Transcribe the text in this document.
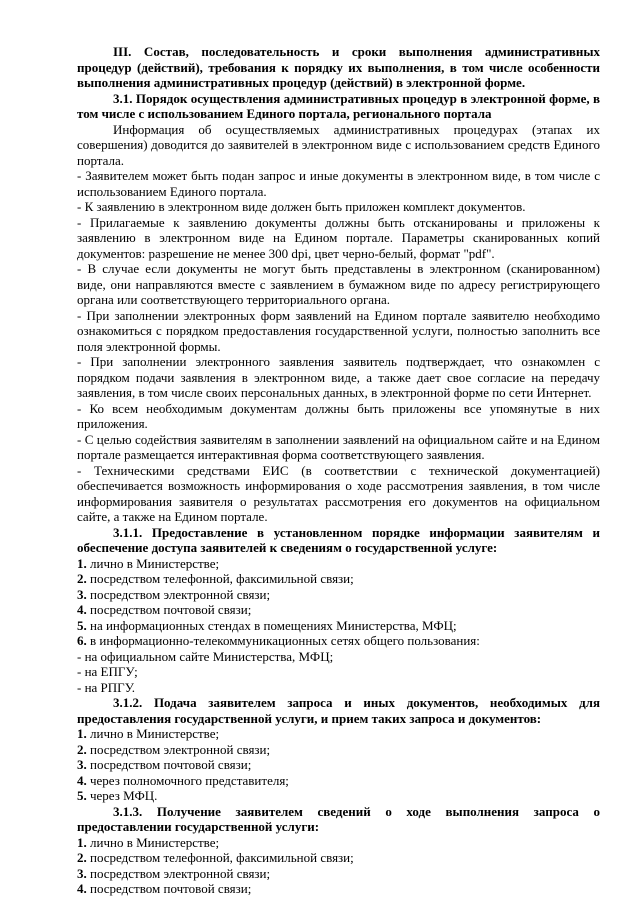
III. Состав, последовательность и сроки выполнения административных процедур (действий), требования к порядку их выполнения, в том числе особенности выполнения административных процедур (действий) в электронной форме.

3.1. Порядок осуществления административных процедур в электронной форме, в том числе с использованием Единого портала, регионального портала

Информация об осуществляемых административных процедурах (этапах их совершения) доводится до заявителей в электронном виде с использованием средств Единого портала.

- Заявителем может быть подан запрос и иные документы в электронном виде, в том числе с использованием Единого портала.

- К заявлению в электронном виде должен быть приложен комплект документов.

- Прилагаемые к заявлению документы должны быть отсканированы и приложены к заявлению в электронном виде на Едином портале. Параметры сканированных копий документов: разрешение не менее 300 dpi, цвет черно-белый, формат "pdf".

- В случае если документы не могут быть представлены в электронном (сканированном) виде, они направляются вместе с заявлением в бумажном виде по адресу регистрирующего органа или соответствующего территориального органа.

- При заполнении электронных форм заявлений на Едином портале заявителю необходимо ознакомиться с порядком предоставления государственной услуги, полностью заполнить все поля электронной формы.

- При заполнении электронного заявления заявитель подтверждает, что ознакомлен с порядком подачи заявления в электронном виде, а также дает свое согласие на передачу заявления, в том числе своих персональных данных, в электронной форме по сети Интернет.

- Ко всем необходимым документам должны быть приложены все упомянутые в них приложения.

- С целью содействия заявителям в заполнении заявлений на официальном сайте и на Едином портале размещается интерактивная форма соответствующего заявления.

- Техническими средствами ЕИС (в соответствии с технической документацией) обеспечивается возможность информирования о ходе рассмотрения заявления, в том числе информирования заявителя о результатах рассмотрения его документов на официальном сайте, а также на Едином портале.

3.1.1. Предоставление в установленном порядке информации заявителям и обеспечение доступа заявителей к сведениям о государственной услуге:

1. лично в Министерстве;

2. посредством телефонной, факсимильной связи;

3. посредством электронной связи;

4. посредством почтовой связи;

5. на информационных стендах в помещениях Министерства, МФЦ;

6. в информационно-телекоммуникационных сетях общего пользования:

- на официальном сайте Министерства, МФЦ;

- на ЕПГУ;

- на РПГУ.

3.1.2. Подача заявителем запроса и иных документов, необходимых для предоставления государственной услуги, и прием таких запроса и документов:

1. лично в Министерстве;

2. посредством электронной связи;

3. посредством почтовой связи;

4. через полномочного представителя;

5. через МФЦ.

3.1.3. Получение заявителем сведений о ходе выполнения запроса о предоставлении государственной услуги:

1. лично в Министерстве;

2. посредством телефонной, факсимильной связи;

3. посредством электронной связи;

4. посредством почтовой связи;
